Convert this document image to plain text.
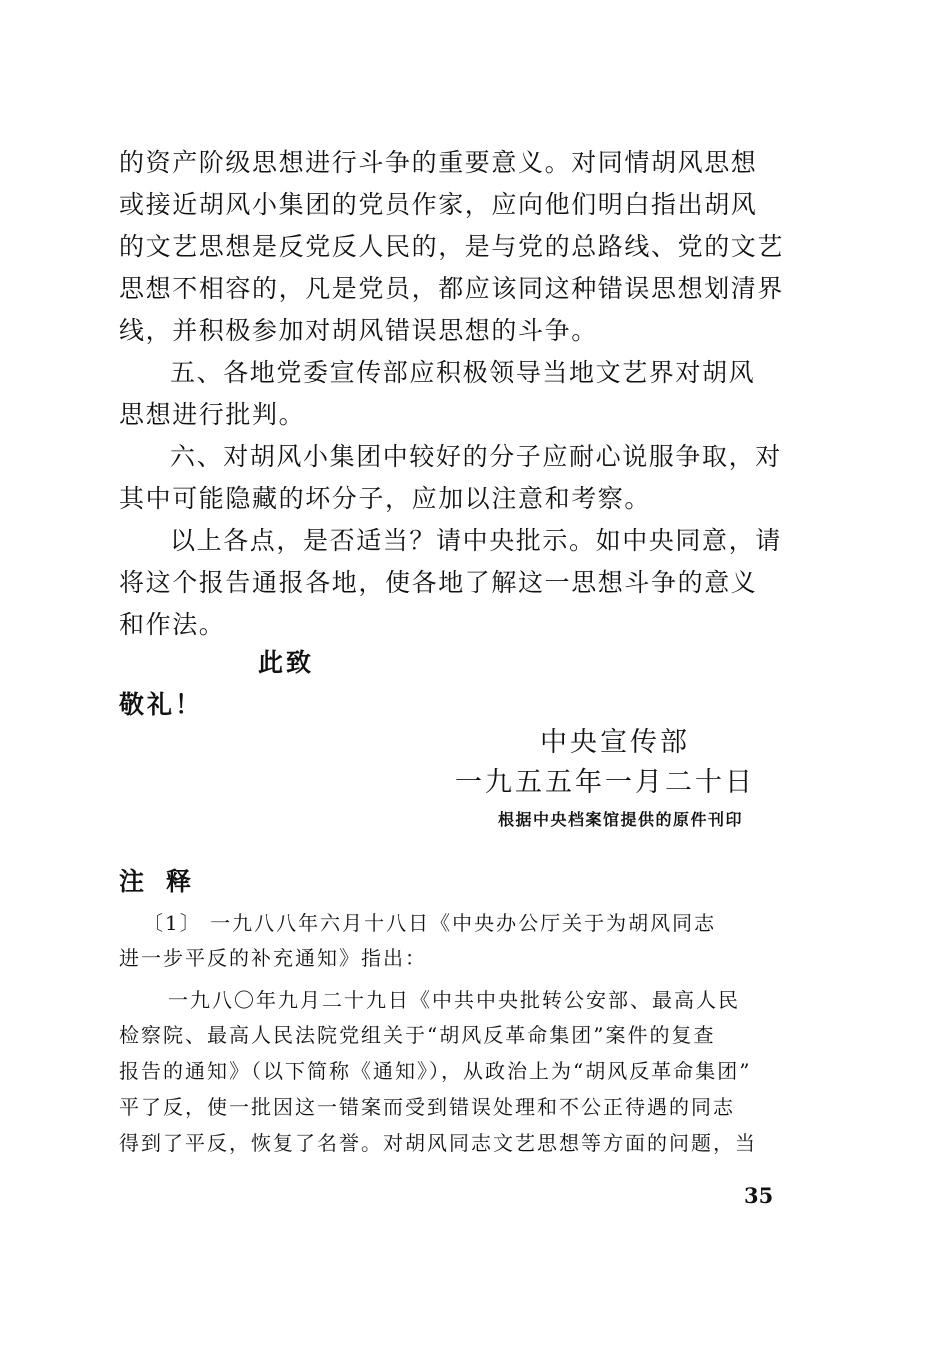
的资产阶级思想进行斗争的重要意义。对同情胡风思想

或接近胡风小集团的党员作家，应向他们明白指出胡风

的文艺思想是反党反人民的，是与党的总路线、党的文艺

思想不相容的，凡是党员，都应该同这种错误思想划清界

线，并积极参加对胡风错误思想的斗争。

五、各地党委宣传部应积极领导当地文艺界对胡风

思想进行批判。

六、对胡风小集团中较好的分子应耐心说服争取，对

其中可能隐藏的坏分子，应加以注意和考察。

以上各点，是否适当？请中央批示。如中央同意，请

将这个报告通报各地，使各地了解这一思想斗争的意义

和作法。

此致

敬礼！

中央宣传部

一九五五年一月二十日

根据中央档案馆提供的原件刊印

注释

〔1〕 一九八八年六月十八日《中央办公厅关于为胡风同志

进一步平反的补充通知》指出：

一九八〇年九月二十九日《中共中央批转公安部、最高人民

检察院、最高人民法院党组关于“胡风反革命集团”案件的复查

报告的通知》（以下简称《通知》），从政治上为“胡风反革命集团”

平了反，使一批因这一错案而受到错误处理和不公正待遇的同志

得到了平反，恢复了名誉。对胡风同志文艺思想等方面的问题，当

35
